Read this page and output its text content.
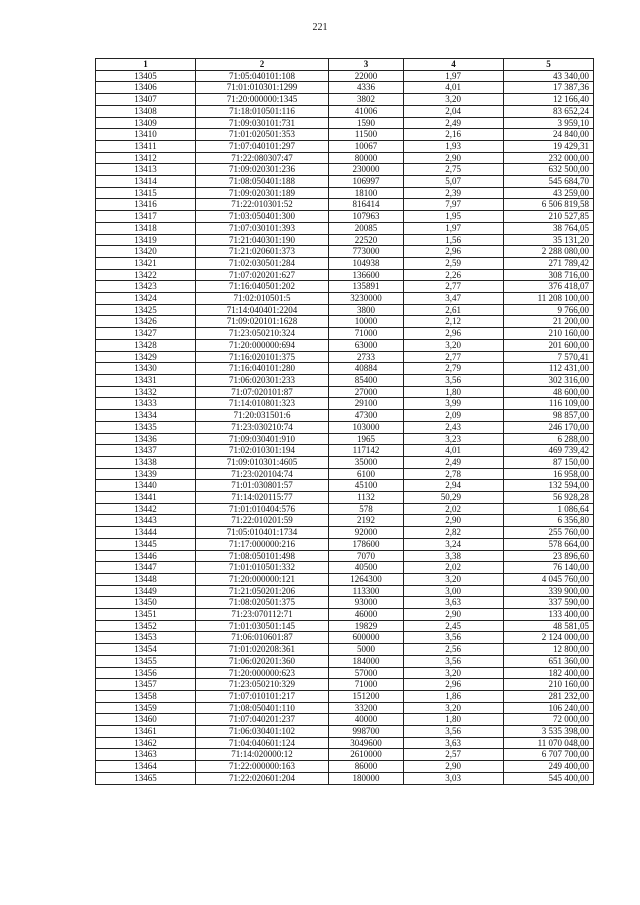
221
1	2	3	4	5
13405	71:05:040101:108	22000	1,97	43 340,00
13406	71:01:010301:1299	4336	4,01	17 387,36
13407	71:20:000000:1345	3802	3,20	12 166,40
13408	71:18:010501:116	41006	2,04	83 652,24
13409	71:09:030101:731	1590	2,49	3 959,10
13410	71:01:020501:353	11500	2,16	24 840,00
13411	71:07:040101:297	10067	1,93	19 429,31
13412	71:22:080307:47	80000	2,90	232 000,00
13413	71:09:020301:236	230000	2,75	632 500,00
13414	71:08:050401:188	106997	5,07	545 684,70
13415	71:09:020301:189	18100	2,39	43 259,00
13416	71:22:010301:52	816414	7,97	6 506 819,58
13417	71:03:050401:300	107963	1,95	210 527,85
13418	71:07:030101:393	20085	1,97	38 764,05
13419	71:21:040301:190	22520	1,56	35 131,20
13420	71:21:020601:373	773000	2,96	2 288 080,00
13421	71:02:030501:284	104938	2,59	271 789,42
13422	71:07:020201:627	136600	2,26	308 716,00
13423	71:16:040501:202	135891	2,77	376 418,07
13424	71:02:010501:5	3230000	3,47	11 208 100,00
13425	71:14:040401:2204	3800	2,61	9 766,00
13426	71:09:020101:1628	10000	2,12	21 200,00
13427	71:23:050210:324	71000	2,96	210 160,00
13428	71:20:000000:694	63000	3,20	201 600,00
13429	71:16:020101:375	2733	2,77	7 570,41
13430	71:16:040101:280	40884	2,79	112 431,00
13431	71:06:020301:233	85400	3,56	302 316,00
13432	71:07:020101:87	27000	1,80	48 600,00
13433	71:14:010801:323	29100	3,99	116 109,00
13434	71:20:031501:6	47300	2,09	98 857,00
13435	71:23:030210:74	103000	2,43	246 170,00
13436	71:09:030401:910	1965	3,23	6 288,00
13437	71:02:010301:194	117142	4,01	469 739,42
13438	71:09:010301:4605	35000	2,49	87 150,00
13439	71:23:020104:74	6100	2,78	16 958,00
13440	71:01:030801:57	45100	2,94	132 594,00
13441	71:14:020115:77	1132	50,29	56 928,28
13442	71:01:010404:576	578	2,02	1 086,64
13443	71:22:010201:59	2192	2,90	6 356,80
13444	71:05:010401:1734	92000	2,82	255 760,00
13445	71:17:000000:216	178600	3,24	578 664,00
13446	71:08:050101:498	7070	3,38	23 896,60
13447	71:01:010501:332	40500	2,02	76 140,00
13448	71:20:000000:121	1264300	3,20	4 045 760,00
13449	71:21:050201:206	113300	3,00	339 900,00
13450	71:08:020501:375	93000	3,63	337 590,00
13451	71:23:070112:71	46000	2,90	133 400,00
13452	71:01:030501:145	19829	2,45	48 581,05
13453	71:06:010601:87	600000	3,56	2 124 000,00
13454	71:01:020208:361	5000	2,56	12 800,00
13455	71:06:020201:360	184000	3,56	651 360,00
13456	71:20:000000:623	57000	3,20	182 400,00
13457	71:23:050210:329	71000	2,96	210 160,00
13458	71:07:010101:217	151200	1,86	281 232,00
13459	71:08:050401:110	33200	3,20	106 240,00
13460	71:07:040201:237	40000	1,80	72 000,00
13461	71:06:030401:102	998700	3,56	3 535 398,00
13462	71:04:040601:124	3049600	3,63	11 070 048,00
13463	71:14:020000:12	2610000	2,57	6 707 700,00
13464	71:22:000000:163	86000	2,90	249 400,00
13465	71:22:020601:204	180000	3,03	545 400,00
